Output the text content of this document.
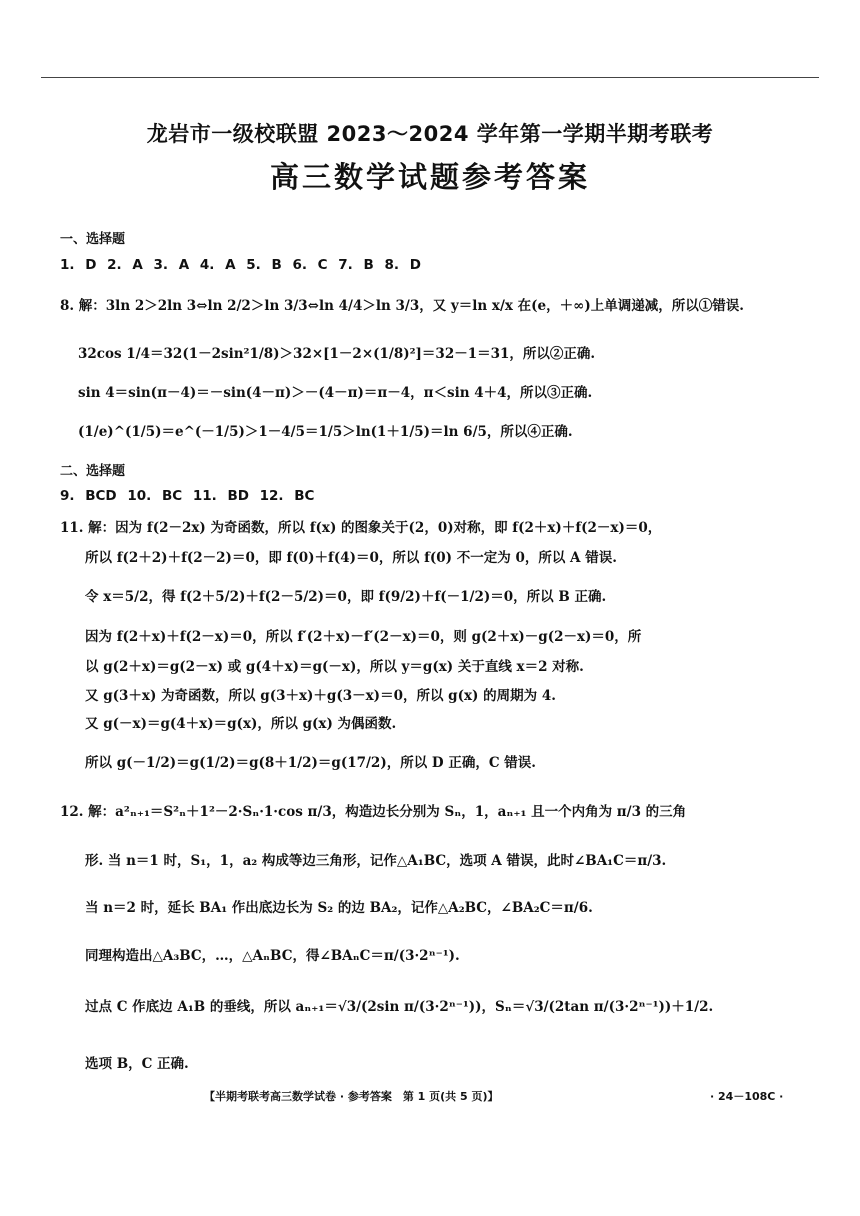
龙岩市一级校联盟 2023～2024 学年第一学期半期考联考
高三数学试题参考答案
一、选择题
1. D 2. A 3. A 4. A 5. B 6. C 7. B 8. D
8. 解：3ln 2＞2ln 3⇔ln 2/2＞ln 3/3⇔ln 4/4＞ln 3/3，又 y＝ln x/x 在(e，＋∞)上单调递减，所以①错误.
32cos 1/4＝32(1－2sin²1/8)＞32×[1－2×(1/8)²]＝32－1＝31，所以②正确.
sin 4＝sin(π－4)＝－sin(4－π)＞－(4－π)＝π－4，π＜sin 4＋4，所以③正确.
(1/e)^(1/5)＝e^(－1/5)＞1－4/5＝1/5＞ln(1＋1/5)＝ln 6/5，所以④正确.
二、选择题
9. BCD 10. BC 11. BD 12. BC
11. 解：因为 f(2－2x) 为奇函数，所以 f(x) 的图象关于(2，0)对称，即 f(2＋x)＋f(2－x)＝0，
所以 f(2＋2)＋f(2－2)＝0，即 f(0)＋f(4)＝0，所以 f(0) 不一定为 0，所以 A 错误.
令 x＝5/2，得 f(2＋5/2)＋f(2－5/2)＝0，即 f(9/2)＋f(－1/2)＝0，所以 B 正确.
因为 f(2＋x)＋f(2－x)＝0，所以 f′(2＋x)－f′(2－x)＝0，则 g(2＋x)－g(2－x)＝0，所
以 g(2＋x)＝g(2－x) 或 g(4＋x)＝g(－x)，所以 y＝g(x) 关于直线 x＝2 对称.
又 g(3＋x) 为奇函数，所以 g(3＋x)＋g(3－x)＝0，所以 g(x) 的周期为 4.
又 g(－x)＝g(4＋x)＝g(x)，所以 g(x) 为偶函数.
所以 g(－1/2)＝g(1/2)＝g(8＋1/2)＝g(17/2)，所以 D 正确，C 错误.
12. 解：a²ₙ₊₁＝S²ₙ＋1²－2·Sₙ·1·cos π/3，构造边长分别为 Sₙ，1，aₙ₊₁ 且一个内角为 π/3 的三角
形. 当 n＝1 时，S₁，1，a₂ 构成等边三角形，记作△A₁BC，选项 A 错误，此时∠BA₁C＝π/3.
当 n＝2 时，延长 BA₁ 作出底边长为 S₂ 的边 BA₂，记作△A₂BC，∠BA₂C＝π/6.
同理构造出△A₃BC，…，△AₙBC，得∠BAₙC＝π/(3·2ⁿ⁻¹).
过点 C 作底边 A₁B 的垂线，所以 aₙ₊₁＝√3/(2sin π/(3·2ⁿ⁻¹))，Sₙ＝√3/(2tan π/(3·2ⁿ⁻¹))＋1/2.
选项 B，C 正确.
【半期考联考高三数学试卷 · 参考答案　第 1 页(共 5 页)】	· 24－108C ·
